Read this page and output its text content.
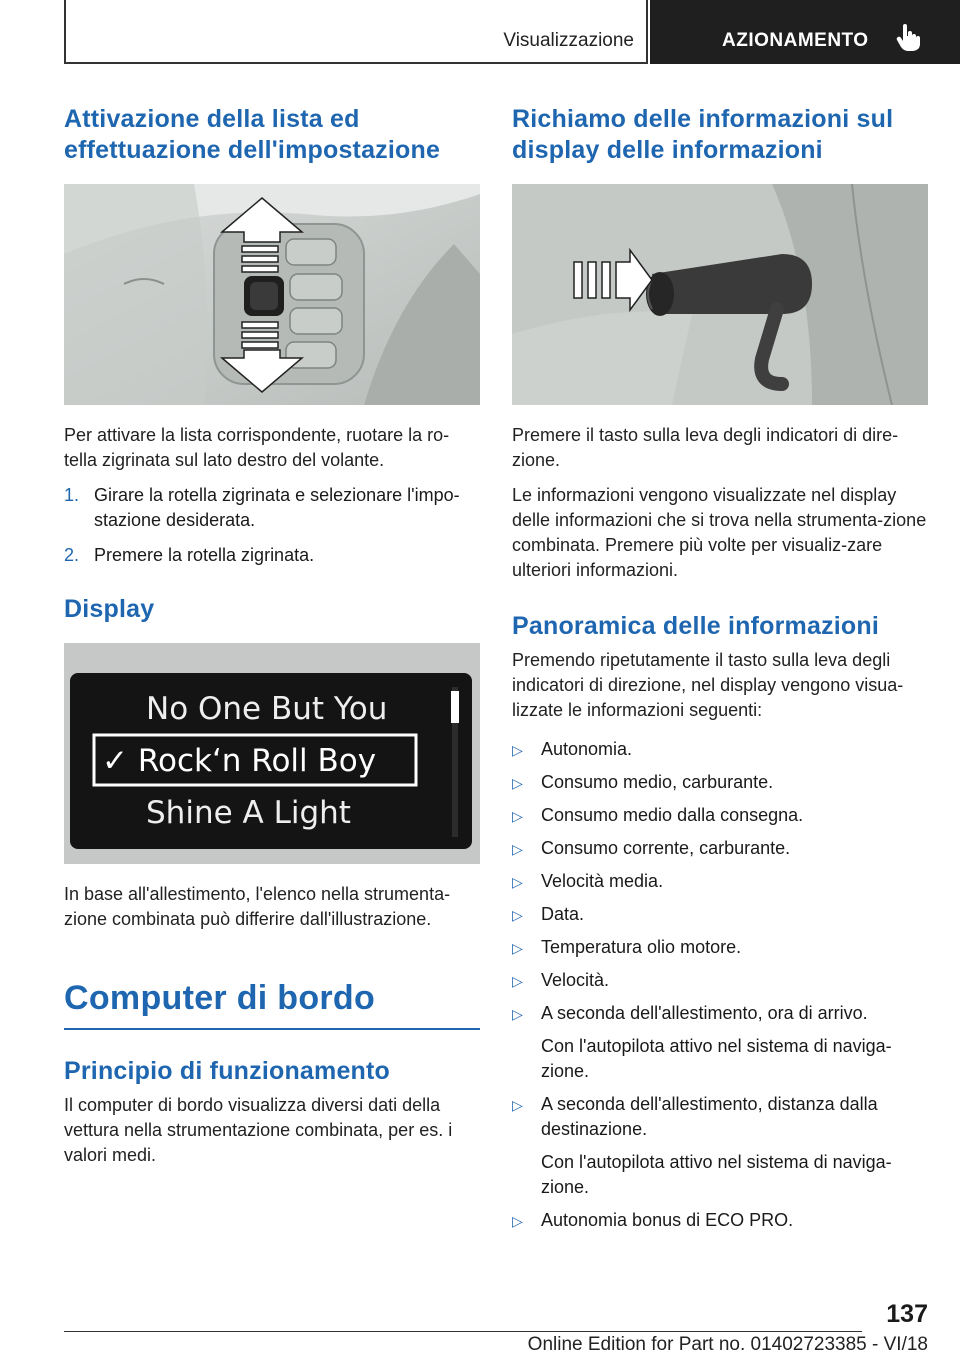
Visualizzazione	AZIONAMENTO
Attivazione della lista ed effettuazione dell'impostazione

Per attivare la lista corrispondente, ruotare la ro-tella zigrinata sul lato destro del volante.

1. Girare la rotella zigrinata e selezionare l'impo-stazione desiderata.
2. Premere la rotella zigrinata.
Display
No One But You
✓ Rock‘n Roll Boy
Shine A Light

In base all'allestimento, l'elenco nella strumenta-zione combinata può differire dall'illustrazione.

Computer di bordo
Principio di funzionamento

Il computer di bordo visualizza diversi dati della vettura nella strumentazione combinata, per es. i valori medi.

Richiamo delle informazioni sul display delle informazioni

Premere il tasto sulla leva degli indicatori di dire-zione.

Le informazioni vengono visualizzate nel display delle informazioni che si trova nella strumenta-zione combinata. Premere più volte per visualiz-zare ulteriori informazioni.

Panoramica delle informazioni

Premendo ripetutamente il tasto sulla leva degli indicatori di direzione, nel display vengono visua-lizzate le informazioni seguenti:

▷ Autonomia.
▷ Consumo medio, carburante.
▷ Consumo medio dalla consegna.
▷ Consumo corrente, carburante.
▷ Velocità media.
▷ Data.
▷ Temperatura olio motore.
▷ Velocità.
▷ A seconda dell'allestimento, ora di arrivo.
Con l'autopilota attivo nel sistema di naviga-zione.
▷ A seconda dell'allestimento, distanza dalla destinazione.
Con l'autopilota attivo nel sistema di naviga-zione.
▷ Autonomia bonus di ECO PRO.
137
Online Edition for Part no. 01402723385 - VI/18
